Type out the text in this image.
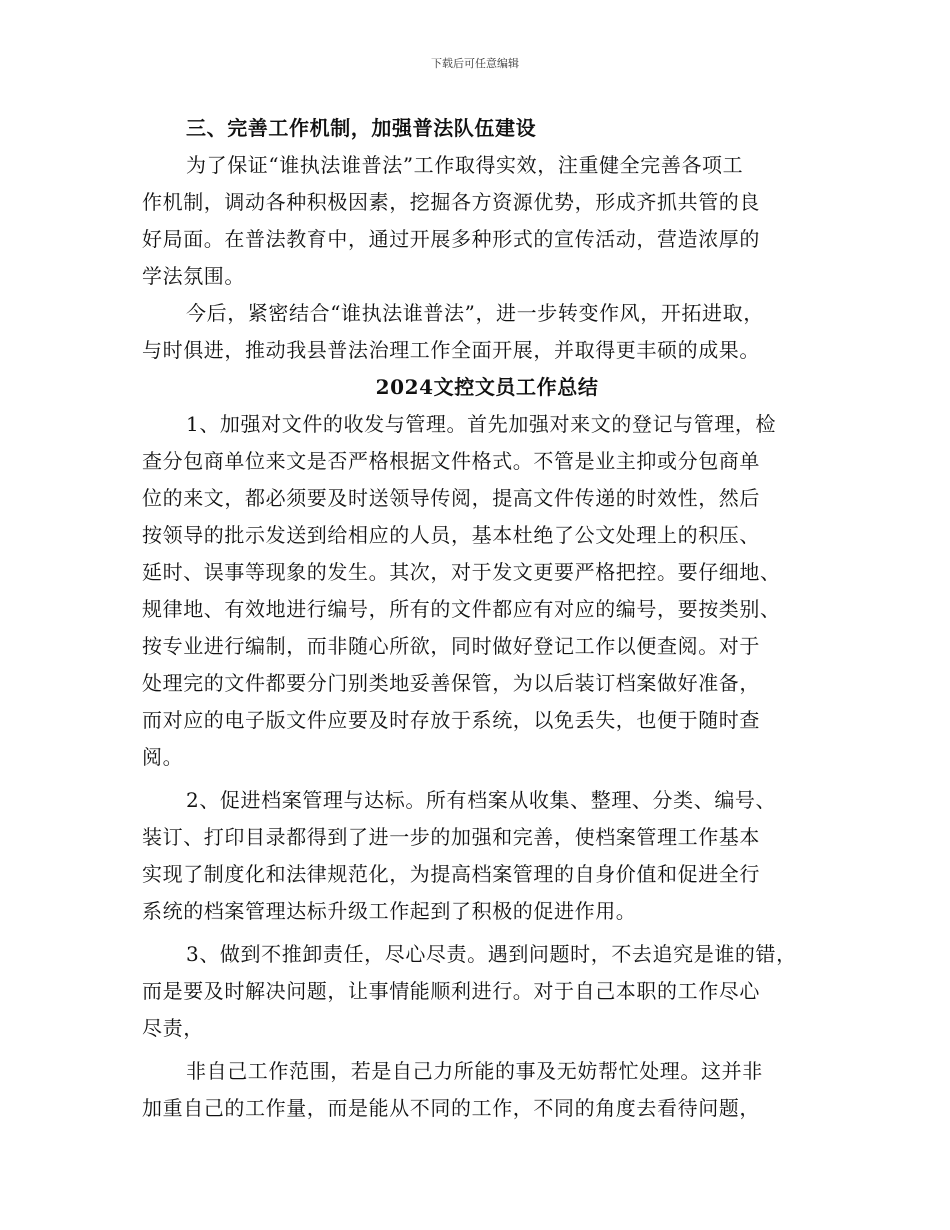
下载后可任意编辑
三、完善工作机制，加强普法队伍建设
为了保证“谁执法谁普法”工作取得实效，注重健全完善各项工
作机制，调动各种积极因素，挖掘各方资源优势，形成齐抓共管的良
好局面。在普法教育中，通过开展多种形式的宣传活动，营造浓厚的
学法氛围。
今后，紧密结合“谁执法谁普法”，进一步转变作风，开拓进取，
与时俱进，推动我县普法治理工作全面开展，并取得更丰硕的成果。
2024文控文员工作总结
1、加强对文件的收发与管理。首先加强对来文的登记与管理，检
查分包商单位来文是否严格根据文件格式。不管是业主抑或分包商单
位的来文，都必须要及时送领导传阅，提高文件传递的时效性，然后
按领导的批示发送到给相应的人员，基本杜绝了公文处理上的积压、
延时、误事等现象的发生。其次，对于发文更要严格把控。要仔细地、
规律地、有效地进行编号，所有的文件都应有对应的编号，要按类别、
按专业进行编制，而非随心所欲，同时做好登记工作以便查阅。对于
处理完的文件都要分门别类地妥善保管，为以后装订档案做好准备，
而对应的电子版文件应要及时存放于系统，以免丢失，也便于随时查
阅。
2、促进档案管理与达标。所有档案从收集、整理、分类、编号、
装订、打印目录都得到了进一步的加强和完善，使档案管理工作基本
实现了制度化和法律规范化，为提高档案管理的自身价值和促进全行
系统的档案管理达标升级工作起到了积极的促进作用。
3、做到不推卸责任，尽心尽责。遇到问题时，不去追究是谁的错，
而是要及时解决问题，让事情能顺利进行。对于自己本职的工作尽心
尽责，
非自己工作范围，若是自己力所能的事及无妨帮忙处理。这并非
加重自己的工作量，而是能从不同的工作，不同的角度去看待问题，
